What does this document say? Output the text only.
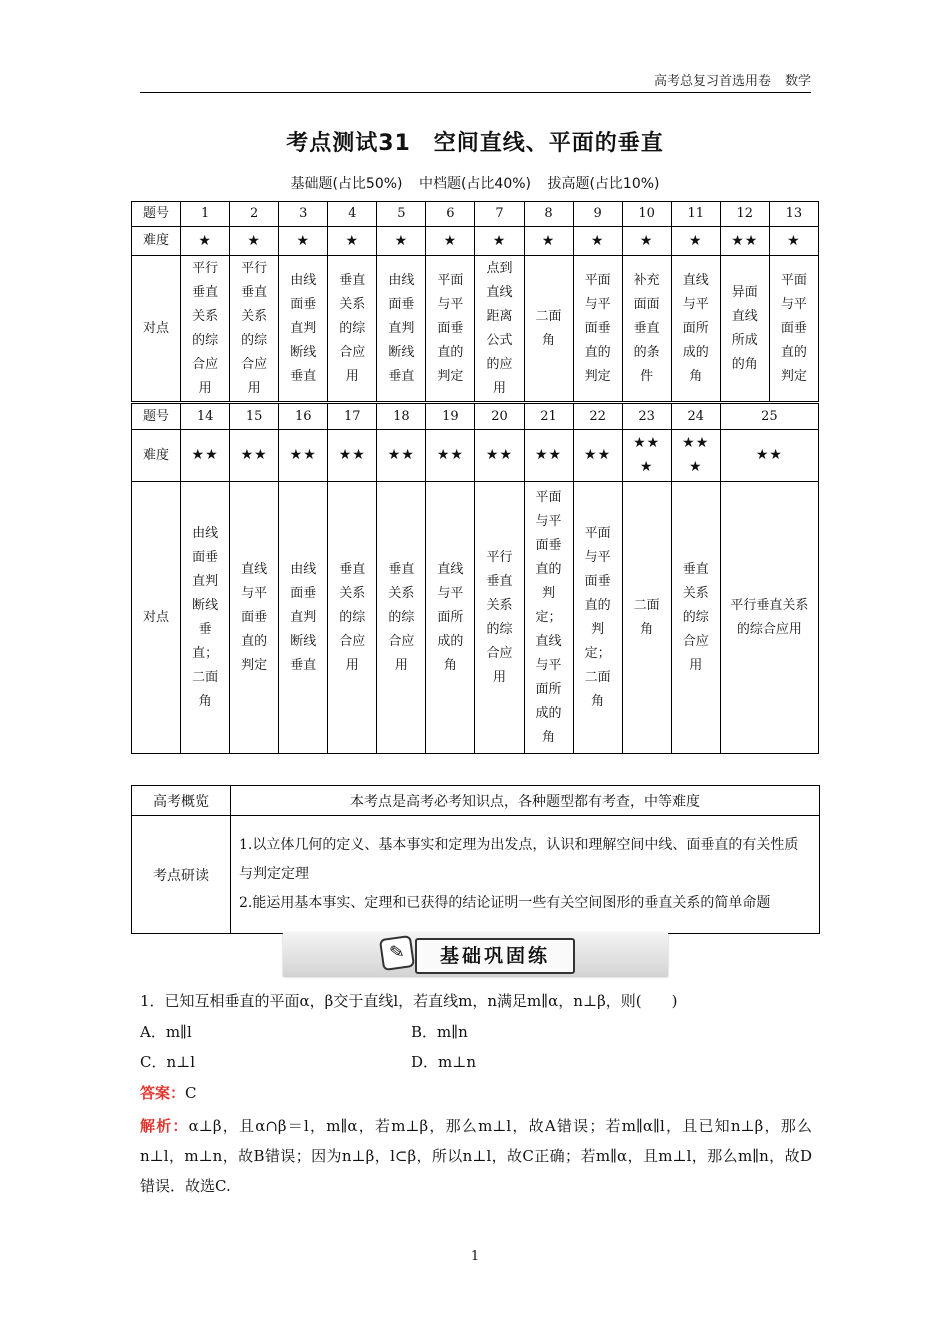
高考总复习首选用卷 数学
考点测试31　空间直线、平面的垂直
基础题(占比50%) 中档题(占比40%) 拔高题(占比10%)
题号	1	2	3	4	5	6	7	8	9	10	11	12	13
难度	★	★	★	★	★	★	★	★	★	★	★	★★	★
对点	平行垂直关系的综合应用	平行垂直关系的综合应用	由线面垂直判断线垂直	垂直关系的综合应用	由线面垂直判断线垂直	平面与平面垂直的判定	点到直线距离公式的应用	二面角	平面与平面垂直的判定	补充面面垂直的条件	直线与平面所成的角	异面直线所成的角	平面与平面垂直的判定
题号	14	15	16	17	18	19	20	21	22	23	24	25
难度	★★	★★	★★	★★	★★	★★	★★	★★	★★	★★★	★★★	★★
对点	由线面垂直判断线垂直；二面角	直线与平面垂直的判定	由线面垂直判断线垂直	垂直关系的综合应用	垂直关系的综合应用	直线与平面所成的角	平行垂直关系的综合应用	平面与平面垂直的判定；直线与平面所成的角	平面与平面垂直的判定；二面角	二面角	垂直关系的综合应用	平行垂直关系的综合应用
高考概览	本考点是高考必考知识点，各种题型都有考查，中等难度
考点研读	1.以立体几何的定义、基本事实和定理为出发点，认识和理解空间中线、面垂直的有关性质与判定定理
2.能运用基本事实、定理和已获得的结论证明一些有关空间图形的垂直关系的简单命题
✎	基础巩固练
1．已知互相垂直的平面α，β交于直线l，若直线m，n满足m∥α，n⊥β，则(　　)
A．m∥l	B．m∥n
C．n⊥l	D．m⊥n
答案：C
解析：α⊥β，且α∩β＝l，m∥α，若m⊥β，那么m⊥l，故A错误；若m∥α∥l，且已知n⊥β，那么n⊥l，m⊥n，故B错误；因为n⊥β，l⊂β，所以n⊥l，故C正确；若m∥α，且m⊥l，那么m∥n，故D错误．故选C.
1
